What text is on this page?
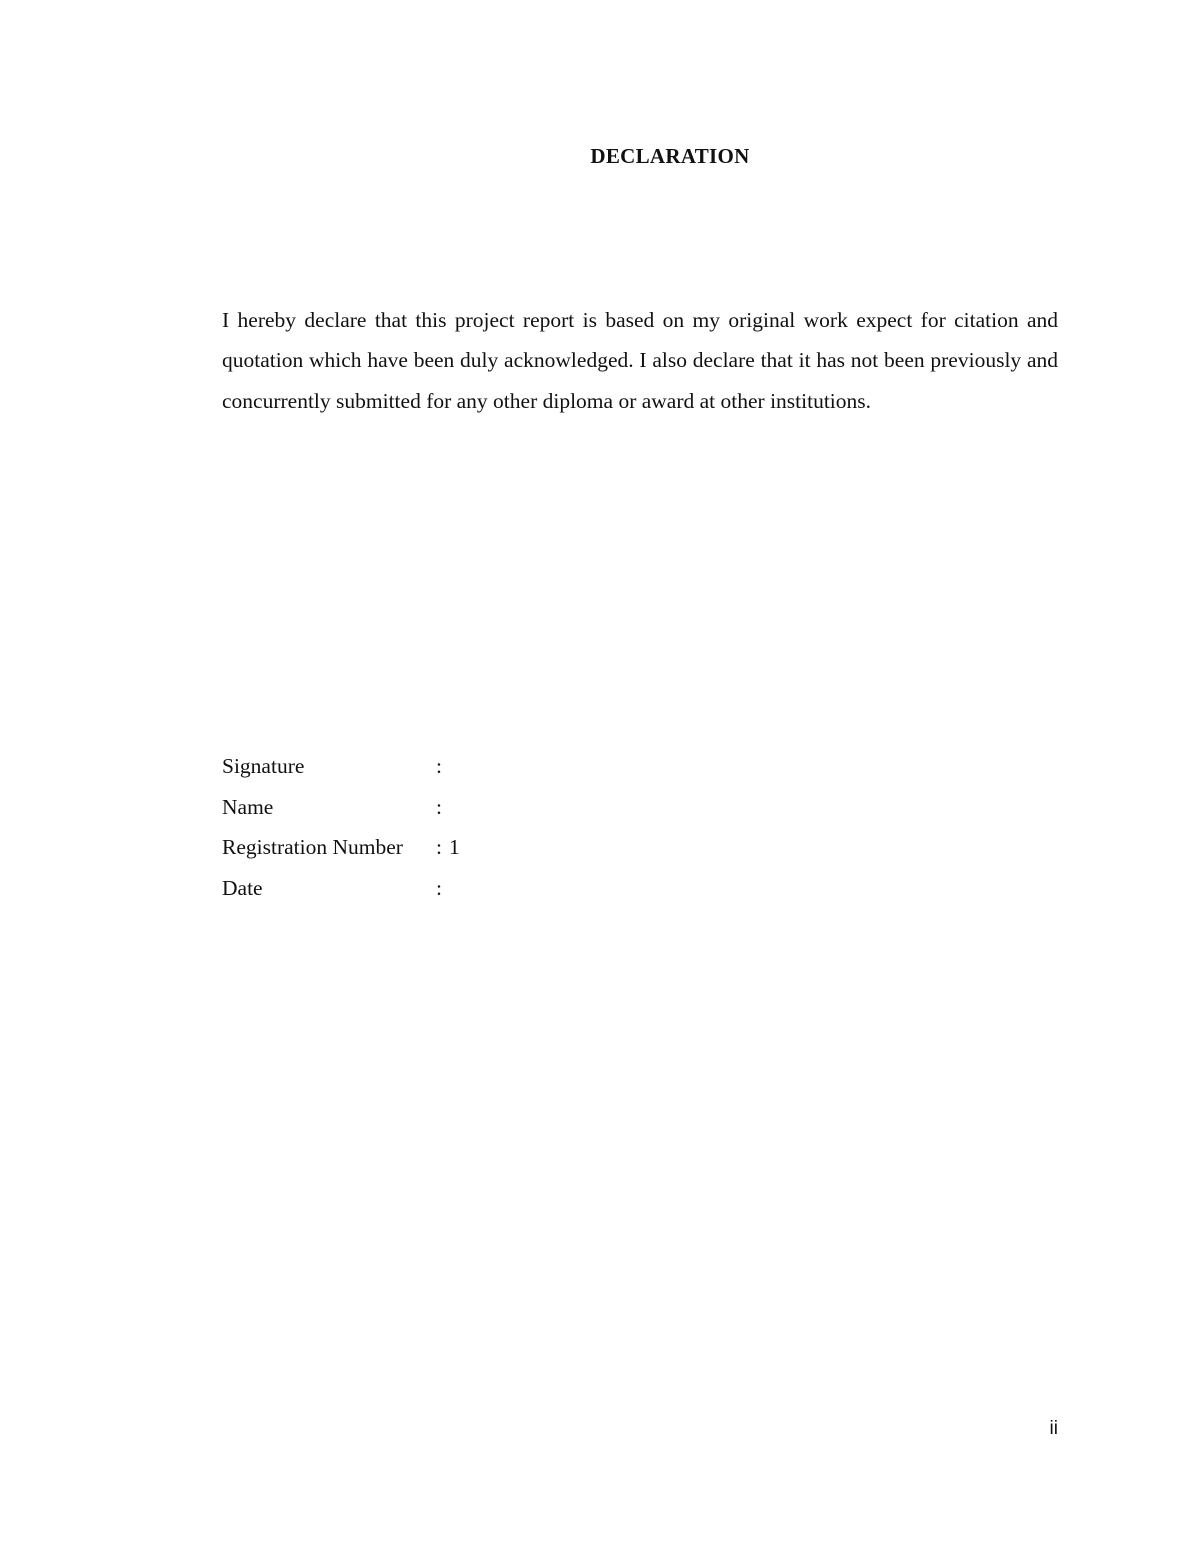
DECLARATION

I hereby declare that this project report is based on my original work expect for citation and quotation which have been duly acknowledged. I also declare that it has not been previously and concurrently submitted for any other diploma or award at other institutions.

Signature	:
Name	:
Registration Number : 1
Date	:
ii
